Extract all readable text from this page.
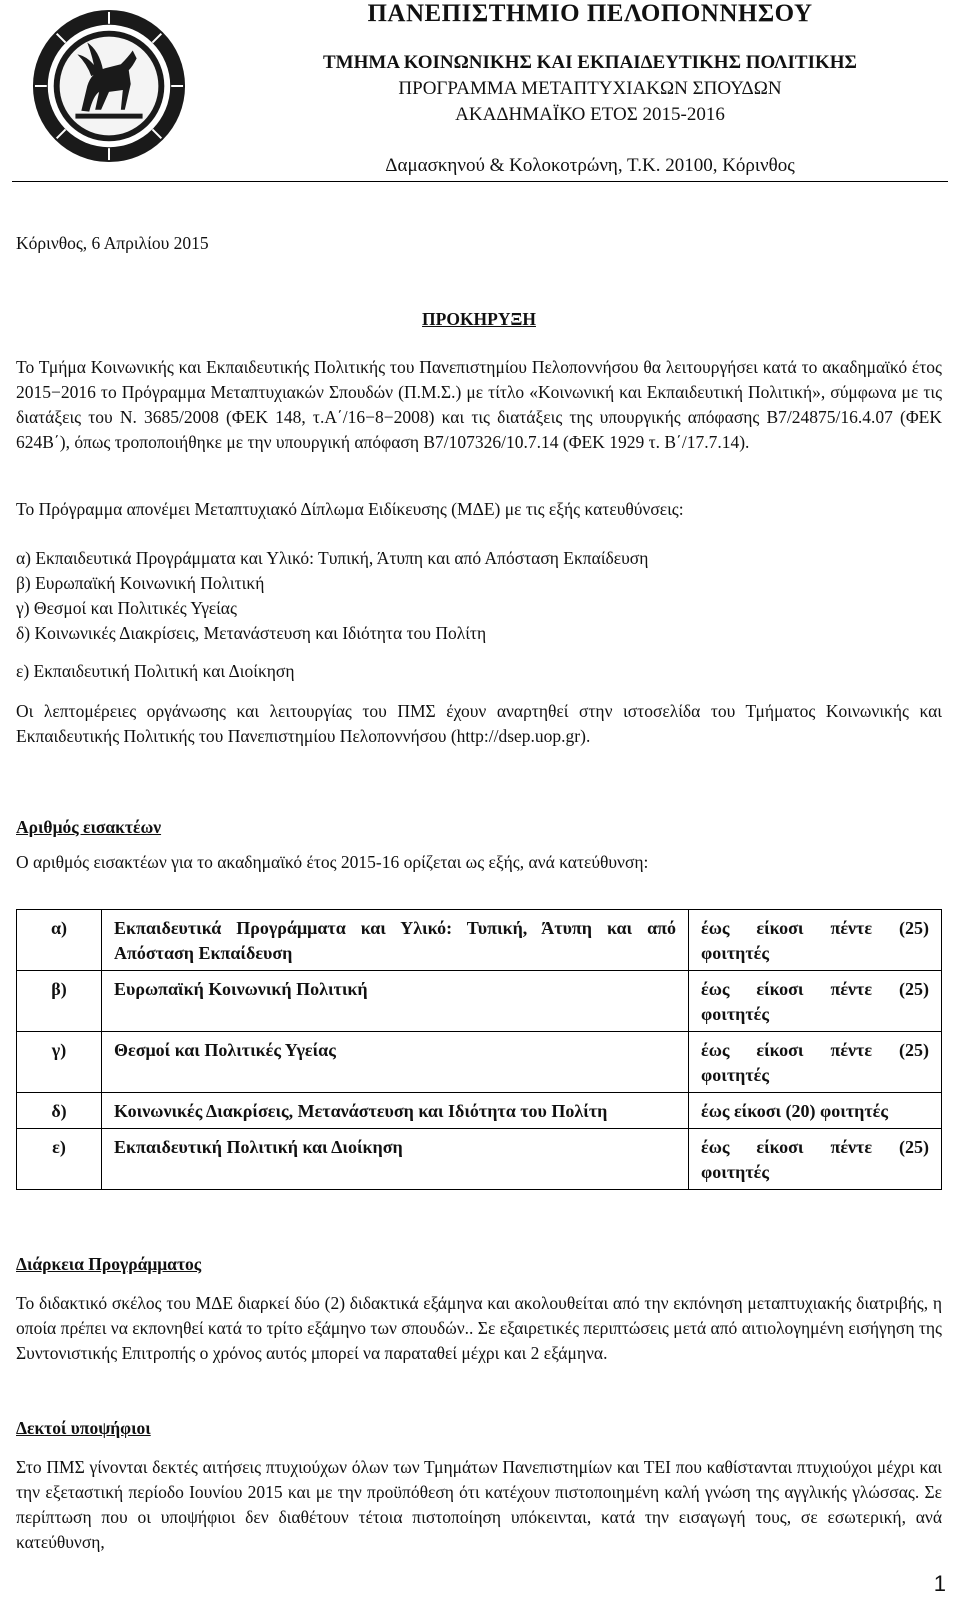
ΠΑΝΕΠΙΣΤΗΜΙΟ ΠΕΛΟΠΟΝΝΗΣΟΥ
ΤΜΗΜΑ ΚΟΙΝΩΝΙΚΗΣ ΚΑΙ ΕΚΠΑΙΔΕΥΤΙΚΗΣ ΠΟΛΙΤΙΚΗΣ
ΠΡΟΓΡΑΜΜΑ ΜΕΤΑΠΤΥΧΙΑΚΩΝ ΣΠΟΥΔΩΝ
ΑΚΑΔΗΜΑΪΚΟ ΕΤΟΣ 2015-2016
Δαμασκηνού & Κολοκοτρώνη, Τ.Κ. 20100, Κόρινθος
Κόρινθος, 6 Απριλίου 2015
ΠΡΟΚΗΡΥΞΗ
Το Τμήμα Κοινωνικής και Εκπαιδευτικής Πολιτικής του Πανεπιστημίου Πελοποννήσου θα λειτουργήσει κατά το ακαδημαϊκό έτος 2015−2016 το Πρόγραμμα Μεταπτυχιακών Σπουδών (Π.Μ.Σ.) με τίτλο «Κοινωνική και Εκπαιδευτική Πολιτική», σύμφωνα με τις διατάξεις του Ν. 3685/2008 (ΦΕΚ 148, τ.Α΄/16−8−2008) και τις διατάξεις της υπουργικής απόφασης Β7/24875/16.4.07 (ΦΕΚ 624Β΄), όπως τροποποιήθηκε με την υπουργική απόφαση Β7/107326/10.7.14 (ΦΕΚ 1929 τ. Β΄/17.7.14).
Το Πρόγραμμα απονέμει Μεταπτυχιακό Δίπλωμα Ειδίκευσης (ΜΔΕ) με τις εξής κατευθύνσεις:
α) Εκπαιδευτικά Προγράμματα και Υλικό: Τυπική, Άτυπη και από Απόσταση Εκπαίδευση
β) Ευρωπαϊκή Κοινωνική Πολιτική
γ) Θεσμοί και Πολιτικές Υγείας
δ) Κοινωνικές Διακρίσεις, Μετανάστευση και Ιδιότητα του Πολίτη
ε) Εκπαιδευτική Πολιτική και Διοίκηση
Οι λεπτομέρειες οργάνωσης και λειτουργίας του ΠΜΣ έχουν αναρτηθεί στην ιστοσελίδα του Τμήματος Κοινωνικής και Εκπαιδευτικής Πολιτικής του Πανεπιστημίου Πελοποννήσου (http://dsep.uop.gr).
Αριθμός εισακτέων
Ο αριθμός εισακτέων για το ακαδημαϊκό έτος 2015-16 ορίζεται ως εξής, ανά κατεύθυνση:
α)	Εκπαιδευτικά Προγράμματα και Υλικό: Τυπική, Άτυπη και από Απόσταση Εκπαίδευση	έως είκοσι πέντε (25) φοιτητές
β)	Ευρωπαϊκή Κοινωνική Πολιτική	έως είκοσι πέντε (25) φοιτητές
γ)	Θεσμοί και Πολιτικές Υγείας	έως είκοσι πέντε (25) φοιτητές
δ)	Κοινωνικές Διακρίσεις, Μετανάστευση και Ιδιότητα του Πολίτη	έως είκοσι (20) φοιτητές
ε)	Εκπαιδευτική Πολιτική και Διοίκηση	έως είκοσι πέντε (25) φοιτητές
Διάρκεια Προγράμματος
Το διδακτικό σκέλος του ΜΔΕ διαρκεί δύο (2) διδακτικά εξάμηνα και ακολουθείται από την εκπόνηση μεταπτυχιακής διατριβής, η οποία πρέπει να εκπονηθεί κατά το τρίτο εξάμηνο των σπουδών.. Σε εξαιρετικές περιπτώσεις μετά από αιτιολογημένη εισήγηση της Συντονιστικής Επιτροπής ο χρόνος αυτός μπορεί να παραταθεί μέχρι και 2 εξάμηνα.
Δεκτοί υποψήφιοι
Στο ΠΜΣ γίνονται δεκτές αιτήσεις πτυχιούχων όλων των Τμημάτων Πανεπιστημίων και ΤΕΙ που καθίστανται πτυχιούχοι μέχρι και την εξεταστική περίοδο Ιουνίου 2015 και με την προϋπόθεση ότι κατέχουν πιστοποιημένη καλή γνώση της αγγλικής γλώσσας. Σε περίπτωση που οι υποψήφιοι δεν διαθέτουν τέτοια πιστοποίηση υπόκεινται, κατά την εισαγωγή τους, σε εσωτερική, ανά κατεύθυνση,
1
